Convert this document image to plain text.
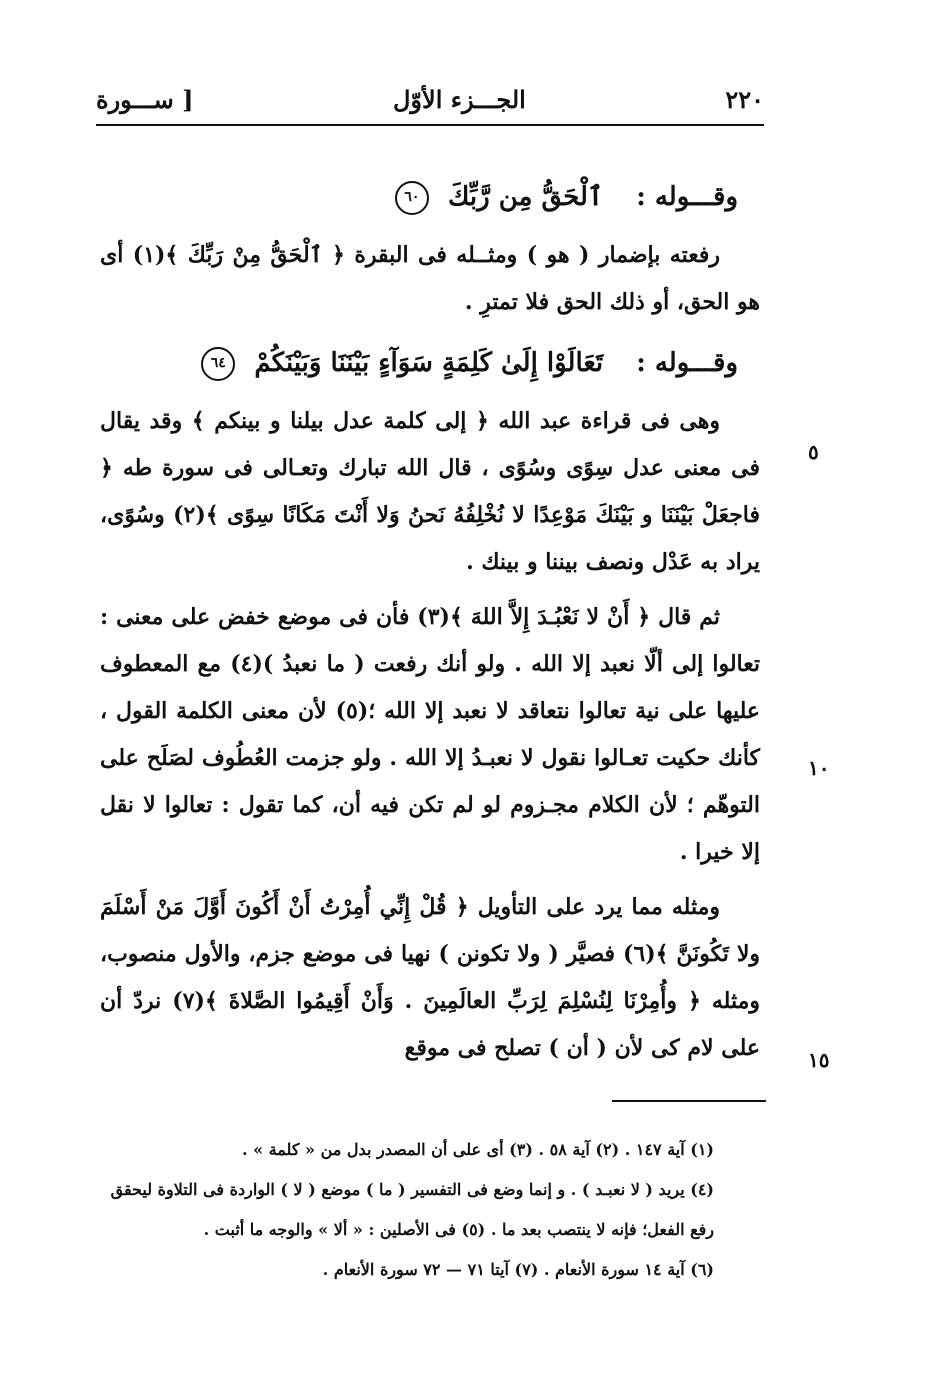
٢٢٠
الجـــزء الأوّل
[ ســـورة
وقـــوله : ٱلْحَقُّ مِن رَّبِّكَ ٦٠

رفعته بإضمار ( هو ) ومثــله فى البقرة ﴿ ٱلْحَقُّ مِنْ رَبِّكَ ﴾(١) أى هو الحق، أو ذلك الحق فلا تمترِ .

وقـــوله : تَعَالَوْا إِلَىٰ كَلِمَةٍ سَوَآءٍ بَيْنَنَا وَبَيْنَكُمْ ٦٤

وهى فى قراءة عبد الله ﴿ إلى كلمة عدل بيلنا و بينكم ﴾ وقد يقال فى معنى عدل سِوًى وسُوًى ، قال الله تبارك وتعـالى فى سورة طه ﴿ فاجعَلْ بَيْنَنَا و بَيْنَكَ مَوْعِدًا لا نُخْلِفُهُ نَحنُ وَلا أَنْتَ مَكَانًا سِوًى ﴾(٢) وسُوًى، يراد به عَدْل ونصف بيننا و بينك .

ثم قال ﴿ أَنْ لا نَعْبُـدَ إِلاَّ اللهَ ﴾(٣) فأن فى موضع خفض على معنى : تعالوا إلى ألّا نعبد إلا الله . ولو أنك رفعت ( ما نعبدُ )(٤) مع المعطوف عليها على نية تعالوا نتعاقد لا نعبد إلا الله ؛(٥) لأن معنى الكلمة القول ، كأنك حكيت تعـالوا نقول لا نعبـدُ إلا الله . ولو جزمت العُطُوف لصَلَح على التوهّم ؛ لأن الكلام مجـزوم لو لم تكن فيه أن، كما تقول : تعالوا لا نقل إلا خيرا .

ومثله مما يرد على التأويل ﴿ قُلْ إِنِّي أُمِرْتُ أَنْ أَكُونَ أَوَّلَ مَنْ أَسْلَمَ ولا تَكُونَنَّ ﴾(٦) فصيَّر ( ولا تكونن ) نهيا فى موضع جزم، والأول منصوب، ومثله ﴿ وأُمِرْنَا لِنُسْلِمَ لِرَبِّ العالَمِينَ . وَأَنْ أَقِيمُوا الصَّلاةَ ﴾(٧) نردّ أن على لام كى لأن ( أن ) تصلح فى موقع

٥
١٠
١٥
(١) آية ١٤٧ . (٢) آية ٥٨ . (٣) أى على أن المصدر بدل من « كلمة » .
(٤) يريد ( لا نعبـد ) . و إنما وضع فى التفسير ( ما ) موضع ( لا ) الواردة فى التلاوة ليحقق رفع الفعل؛ فإنه لا ينتصب بعد ما . (٥) فى الأصلين : « ألا » والوجه ما أثبت .
(٦) آية ١٤ سورة الأنعام . (٧) آيتا ٧١ — ٧٢ سورة الأنعام .
